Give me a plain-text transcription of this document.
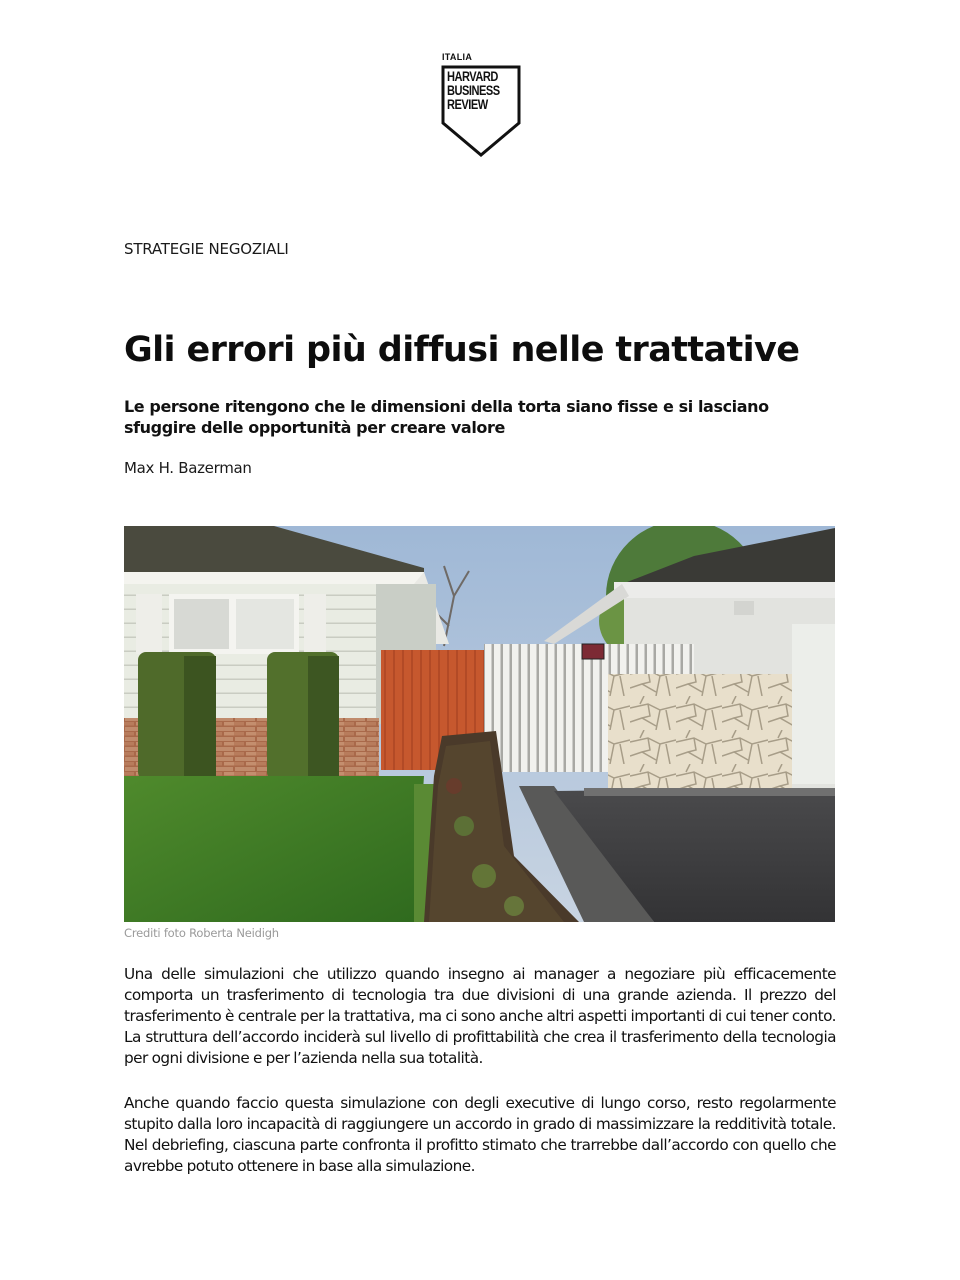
ITALIA
HARVARD
BUSINESS
REVIEW
STRATEGIE NEGOZIALI
Gli errori più diffusi nelle trattative
Le persone ritengono che le dimensioni della torta siano fisse e si lasciano sfuggire delle opportunità per creare valore
Max H. Bazerman
Crediti foto Roberta Neidigh

Una delle simulazioni che utilizzo quando insegno ai manager a negoziare più efficacemente comporta un trasferimento di tecnologia tra due divisioni di una grande azienda. Il prezzo del trasferimento è centrale per la trattativa, ma ci sono anche altri aspetti importanti di cui tener conto. La struttura dell’accordo inciderà sul livello di profittabilità che crea il trasferimento della tecnologia per ogni divisione e per l’azienda nella sua totalità.

Anche quando faccio questa simulazione con degli executive di lungo corso, resto regolarmente stupito dalla loro incapacità di raggiungere un accordo in grado di massimizzare la redditività totale. Nel debriefing, ciascuna parte confronta il profitto stimato che trarrebbe dall’accordo con quello che avrebbe potuto ottenere in base alla simulazione.
